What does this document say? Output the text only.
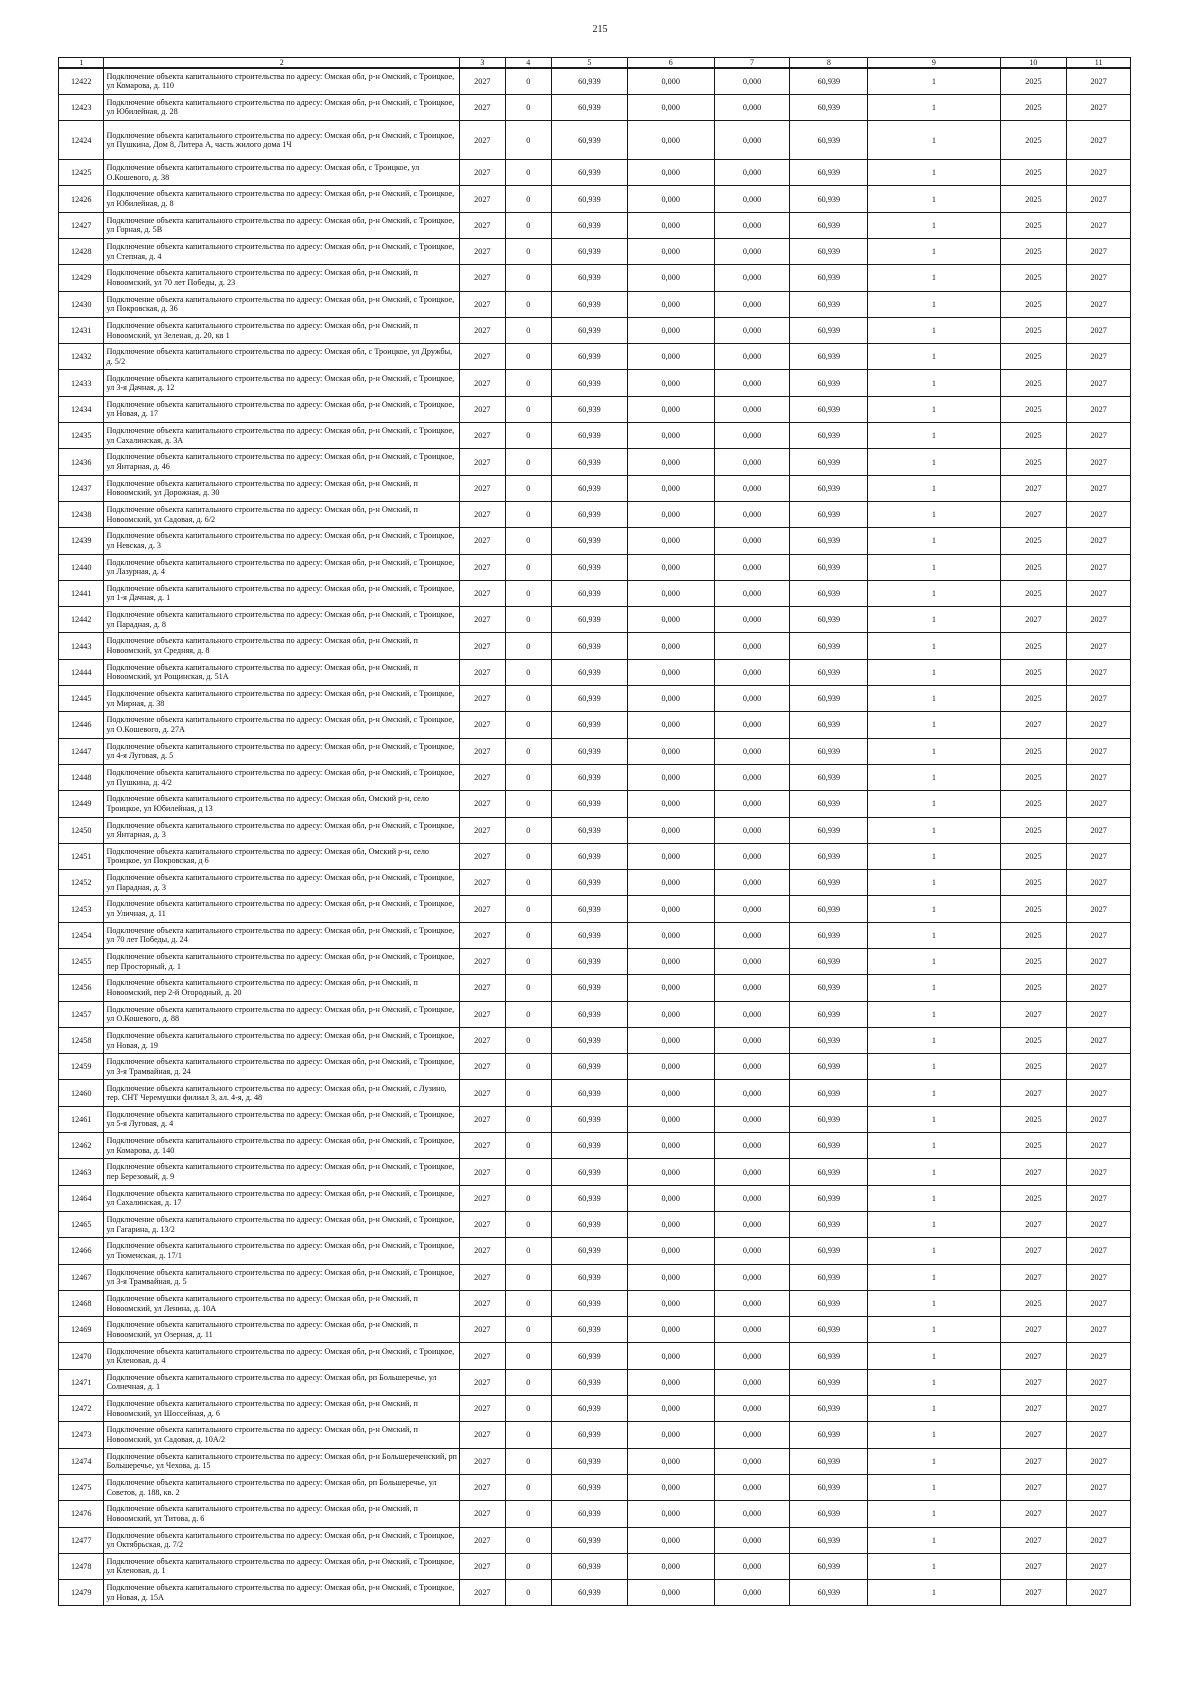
215
1	2	3	4	5	6	7	8	9	10	11
12422	Подключение объекта капитального строительства по адресу: Омская обл, р-н Омский, с Троицкое, ул Комарова, д. 110	2027	0	60,939	0,000	0,000	60,939	1	2025	2027
12423	Подключение объекта капитального строительства по адресу: Омская обл, р-н Омский, с Троицкое, ул Юбилейная, д. 28	2027	0	60,939	0,000	0,000	60,939	1	2025	2027
12424	Подключение объекта капитального строительства по адресу: Омская обл, р-н Омский, с Троицкое, ул Пушкина, Дом 8, Литера А, часть жилого дома 1Ч	2027	0	60,939	0,000	0,000	60,939	1	2025	2027
12425	Подключение объекта капитального строительства по адресу: Омская обл, с Троицкое, ул О.Кошевого, д. 38	2027	0	60,939	0,000	0,000	60,939	1	2025	2027
12426	Подключение объекта капитального строительства по адресу: Омская обл, р-н Омский, с Троицкое, ул Юбилейная, д. 8	2027	0	60,939	0,000	0,000	60,939	1	2025	2027
12427	Подключение объекта капитального строительства по адресу: Омская обл, р-н Омский, с Троицкое, ул Горная, д. 5В	2027	0	60,939	0,000	0,000	60,939	1	2025	2027
12428	Подключение объекта капитального строительства по адресу: Омская обл, р-н Омский, с Троицкое, ул Степная, д. 4	2027	0	60,939	0,000	0,000	60,939	1	2025	2027
12429	Подключение объекта капитального строительства по адресу: Омская обл, р-н Омский, п Новоомский, ул 70 лет Победы, д. 23	2027	0	60,939	0,000	0,000	60,939	1	2025	2027
12430	Подключение объекта капитального строительства по адресу: Омская обл, р-н Омский, с Троицкое, ул Покровская, д. 36	2027	0	60,939	0,000	0,000	60,939	1	2025	2027
12431	Подключение объекта капитального строительства по адресу: Омская обл, р-н Омский, п Новоомский, ул Зеленая, д. 20, кв 1	2027	0	60,939	0,000	0,000	60,939	1	2025	2027
12432	Подключение объекта капитального строительства по адресу: Омская обл, с Троицкое, ул Дружбы, д. 5/2	2027	0	60,939	0,000	0,000	60,939	1	2025	2027
12433	Подключение объекта капитального строительства по адресу: Омская обл, р-н Омский, с Троицкое, ул 3-я Дачная, д. 12	2027	0	60,939	0,000	0,000	60,939	1	2025	2027
12434	Подключение объекта капитального строительства по адресу: Омская обл, р-н Омский, с Троицкое, ул Новая, д. 17	2027	0	60,939	0,000	0,000	60,939	1	2025	2027
12435	Подключение объекта капитального строительства по адресу: Омская обл, р-н Омский, с Троицкое, ул Сахалинская, д. 3А	2027	0	60,939	0,000	0,000	60,939	1	2025	2027
12436	Подключение объекта капитального строительства по адресу: Омская обл, р-н Омский, с Троицкое, ул Янтарная, д. 46	2027	0	60,939	0,000	0,000	60,939	1	2025	2027
12437	Подключение объекта капитального строительства по адресу: Омская обл, р-н Омский, п Новоомский, ул Дорожная, д. 30	2027	0	60,939	0,000	0,000	60,939	1	2027	2027
12438	Подключение объекта капитального строительства по адресу: Омская обл, р-н Омский, п Новоомский, ул Садовая, д. 6/2	2027	0	60,939	0,000	0,000	60,939	1	2027	2027
12439	Подключение объекта капитального строительства по адресу: Омская обл, р-н Омский, с Троицкое, ул Невская, д. 3	2027	0	60,939	0,000	0,000	60,939	1	2025	2027
12440	Подключение объекта капитального строительства по адресу: Омская обл, р-н Омский, с Троицкое, ул Лазурная, д. 4	2027	0	60,939	0,000	0,000	60,939	1	2025	2027
12441	Подключение объекта капитального строительства по адресу: Омская обл, р-н Омский, с Троицкое, ул 1-я Дачная, д. 1	2027	0	60,939	0,000	0,000	60,939	1	2025	2027
12442	Подключение объекта капитального строительства по адресу: Омская обл, р-н Омский, с Троицкое, ул Парадная, д. 8	2027	0	60,939	0,000	0,000	60,939	1	2027	2027
12443	Подключение объекта капитального строительства по адресу: Омская обл, р-н Омский, п Новоомский, ул Средняя, д. 8	2027	0	60,939	0,000	0,000	60,939	1	2025	2027
12444	Подключение объекта капитального строительства по адресу: Омская обл, р-н Омский, п Новоомский, ул Рощинская, д. 51А	2027	0	60,939	0,000	0,000	60,939	1	2025	2027
12445	Подключение объекта капитального строительства по адресу: Омская обл, р-н Омский, с Троицкое, ул Мирная, д. 38	2027	0	60,939	0,000	0,000	60,939	1	2025	2027
12446	Подключение объекта капитального строительства по адресу: Омская обл, р-н Омский, с Троицкое, ул О.Кошевого, д. 27А	2027	0	60,939	0,000	0,000	60,939	1	2027	2027
12447	Подключение объекта капитального строительства по адресу: Омская обл, р-н Омский, с Троицкое, ул 4-я Луговая, д. 5	2027	0	60,939	0,000	0,000	60,939	1	2025	2027
12448	Подключение объекта капитального строительства по адресу: Омская обл, р-н Омский, с Троицкое, ул Пушкина, д. 4/2	2027	0	60,939	0,000	0,000	60,939	1	2025	2027
12449	Подключение объекта капитального строительства по адресу: Омская обл, Омский р-н, село Троицкое, ул Юбилейная, д 13	2027	0	60,939	0,000	0,000	60,939	1	2025	2027
12450	Подключение объекта капитального строительства по адресу: Омская обл, р-н Омский, с Троицкое, ул Янтарная, д. 3	2027	0	60,939	0,000	0,000	60,939	1	2025	2027
12451	Подключение объекта капитального строительства по адресу: Омская обл, Омский р-н, село Троицкое, ул Покровская, д 6	2027	0	60,939	0,000	0,000	60,939	1	2025	2027
12452	Подключение объекта капитального строительства по адресу: Омская обл, р-н Омский, с Троицкое, ул Парадная, д. 3	2027	0	60,939	0,000	0,000	60,939	1	2025	2027
12453	Подключение объекта капитального строительства по адресу: Омская обл, р-н Омский, с Троицкое, ул Уличная, д. 11	2027	0	60,939	0,000	0,000	60,939	1	2025	2027
12454	Подключение объекта капитального строительства по адресу: Омская обл, р-н Омский, с Троицкое, ул 70 лет Победы, д. 24	2027	0	60,939	0,000	0,000	60,939	1	2025	2027
12455	Подключение объекта капитального строительства по адресу: Омская обл, р-н Омский, с Троицкое, пер Просторный, д. 1	2027	0	60,939	0,000	0,000	60,939	1	2025	2027
12456	Подключение объекта капитального строительства по адресу: Омская обл, р-н Омский, п Новоомский, пер 2-й Огородный, д. 20	2027	0	60,939	0,000	0,000	60,939	1	2025	2027
12457	Подключение объекта капитального строительства по адресу: Омская обл, р-н Омский, с Троицкое, ул О.Кошевого, д. 88	2027	0	60,939	0,000	0,000	60,939	1	2027	2027
12458	Подключение объекта капитального строительства по адресу: Омская обл, р-н Омский, с Троицкое, ул Новая, д. 19	2027	0	60,939	0,000	0,000	60,939	1	2025	2027
12459	Подключение объекта капитального строительства по адресу: Омская обл, р-н Омский, с Троицкое, ул 3-я Трамвайная, д. 24	2027	0	60,939	0,000	0,000	60,939	1	2025	2027
12460	Подключение объекта капитального строительства по адресу: Омская обл, р-н Омский, с Лузино, тер. СНТ Черемушки филиал 3, ал. 4-я, д. 48	2027	0	60,939	0,000	0,000	60,939	1	2027	2027
12461	Подключение объекта капитального строительства по адресу: Омская обл, р-н Омский, с Троицкое, ул 5-я Луговая, д. 4	2027	0	60,939	0,000	0,000	60,939	1	2025	2027
12462	Подключение объекта капитального строительства по адресу: Омская обл, р-н Омский, с Троицкое, ул Комарова, д. 140	2027	0	60,939	0,000	0,000	60,939	1	2025	2027
12463	Подключение объекта капитального строительства по адресу: Омская обл, р-н Омский, с Троицкое, пер Березовый, д. 9	2027	0	60,939	0,000	0,000	60,939	1	2027	2027
12464	Подключение объекта капитального строительства по адресу: Омская обл, р-н Омский, с Троицкое, ул Сахалинская, д. 17	2027	0	60,939	0,000	0,000	60,939	1	2025	2027
12465	Подключение объекта капитального строительства по адресу: Омская обл, р-н Омский, с Троицкое, ул Гагарина, д. 13/2	2027	0	60,939	0,000	0,000	60,939	1	2027	2027
12466	Подключение объекта капитального строительства по адресу: Омская обл, р-н Омский, с Троицкое, ул Тюменская, д. 17/1	2027	0	60,939	0,000	0,000	60,939	1	2027	2027
12467	Подключение объекта капитального строительства по адресу: Омская обл, р-н Омский, с Троицкое, ул 3-я Трамвайная, д. 5	2027	0	60,939	0,000	0,000	60,939	1	2027	2027
12468	Подключение объекта капитального строительства по адресу: Омская обл, р-н Омский, п Новоомский, ул Ленина, д. 10А	2027	0	60,939	0,000	0,000	60,939	1	2025	2027
12469	Подключение объекта капитального строительства по адресу: Омская обл, р-н Омский, п Новоомский, ул Озерная, д. 11	2027	0	60,939	0,000	0,000	60,939	1	2027	2027
12470	Подключение объекта капитального строительства по адресу: Омская обл, р-н Омский, с Троицкое, ул Кленовая, д. 4	2027	0	60,939	0,000	0,000	60,939	1	2027	2027
12471	Подключение объекта капитального строительства по адресу: Омская обл, рп Большеречье, ул Солнечная, д. 1	2027	0	60,939	0,000	0,000	60,939	1	2027	2027
12472	Подключение объекта капитального строительства по адресу: Омская обл, р-н Омский, п Новоомский, ул Шоссейная, д. 6	2027	0	60,939	0,000	0,000	60,939	1	2027	2027
12473	Подключение объекта капитального строительства по адресу: Омская обл, р-н Омский, п Новоомский, ул Садовая, д. 10А/2	2027	0	60,939	0,000	0,000	60,939	1	2027	2027
12474	Подключение объекта капитального строительства по адресу: Омская обл, р-н Большереченский, рп Большеречье, ул Чехова, д. 15	2027	0	60,939	0,000	0,000	60,939	1	2027	2027
12475	Подключение объекта капитального строительства по адресу: Омская обл, рп Большеречье, ул Советов, д. 188, кв. 2	2027	0	60,939	0,000	0,000	60,939	1	2027	2027
12476	Подключение объекта капитального строительства по адресу: Омская обл, р-н Омский, п Новоомский, ул Титова, д. 6	2027	0	60,939	0,000	0,000	60,939	1	2027	2027
12477	Подключение объекта капитального строительства по адресу: Омская обл, р-н Омский, с Троицкое, ул Октябрьская, д. 7/2	2027	0	60,939	0,000	0,000	60,939	1	2027	2027
12478	Подключение объекта капитального строительства по адресу: Омская обл, р-н Омский, с Троицкое, ул Кленовая, д. 1	2027	0	60,939	0,000	0,000	60,939	1	2027	2027
12479	Подключение объекта капитального строительства по адресу: Омская обл, р-н Омский, с Троицкое, ул Новая, д. 15А	2027	0	60,939	0,000	0,000	60,939	1	2027	2027
